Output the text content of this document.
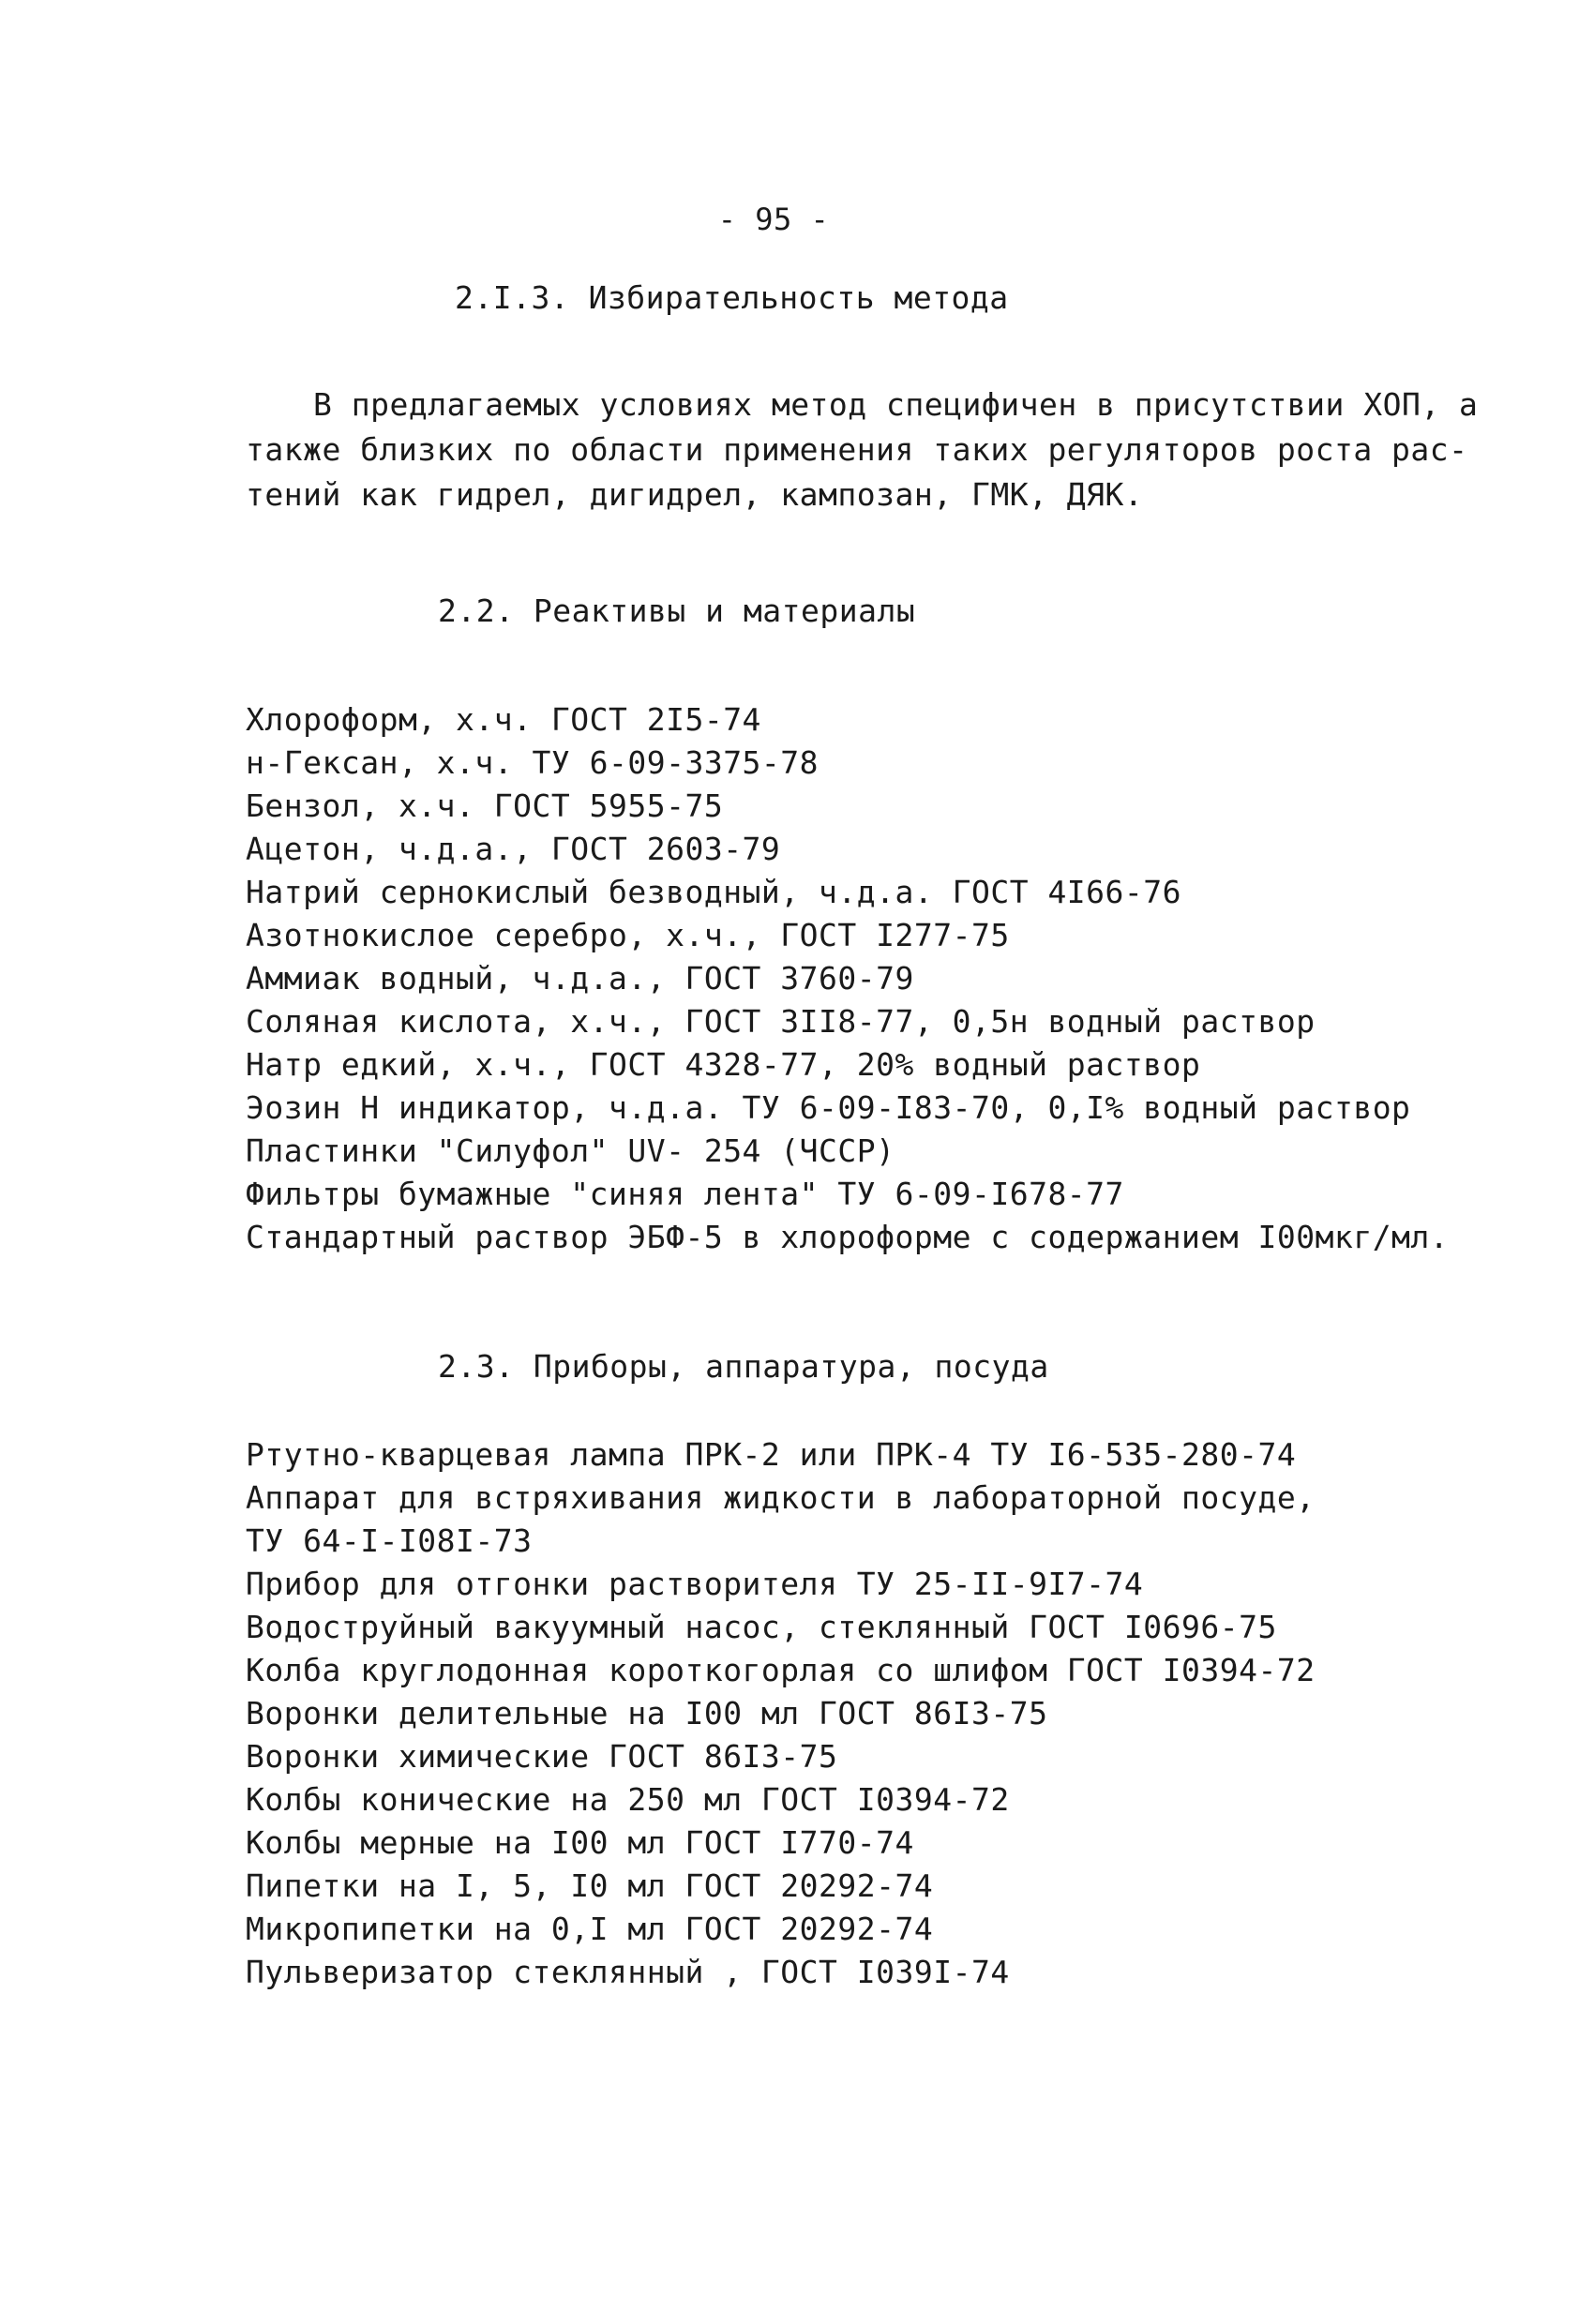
- 95 -
2.I.3. Избирательность метода
В предлагаемых условиях метод специфичен в присутствии ХОП, а
также близких по области применения таких регуляторов роста рас-
тений как гидрел, дигидрел, кампозан, ГМК, ДЯК.
2.2. Реактивы и материалы
Хлороформ, х.ч. ГОСТ 2I5-74
н-Гексан, х.ч. ТУ 6-09-3375-78
Бензол, х.ч. ГОСТ 5955-75
Ацетон, ч.д.а., ГОСТ 2603-79
Натрий сернокислый безводный, ч.д.а. ГОСТ 4I66-76
Азотнокислое серебро, х.ч., ГОСТ I277-75
Аммиак водный, ч.д.а., ГОСТ 3760-79
Соляная кислота, х.ч., ГОСТ 3II8-77, 0,5н водный раствор
Натр едкий, х.ч., ГОСТ 4328-77, 20% водный раствор
Эозин Н индикатор, ч.д.а. ТУ 6-09-I83-70, 0,I% водный раствор
Пластинки "Силуфол" UV- 254 (ЧССР)
Фильтры бумажные "синяя лента" ТУ 6-09-I678-77
Стандартный раствор ЭБФ-5 в хлороформе с содержанием I00мкг/мл.
2.3. Приборы, аппаратура, посуда
Ртутно-кварцевая лампа ПРК-2 или ПРК-4 ТУ I6-535-280-74
Аппарат для встряхивания жидкости в лабораторной посуде,
ТУ 64-I-I08I-73
Прибор для отгонки растворителя ТУ 25-II-9I7-74
Водоструйный вакуумный насос, стеклянный ГОСТ I0696-75
Колба круглодонная короткогорлая со шлифом ГОСТ I0394-72
Воронки делительные на I00 мл ГОСТ 86I3-75
Воронки химические ГОСТ 86I3-75
Колбы конические на 250 мл ГОСТ I0394-72
Колбы мерные на I00 мл ГОСТ I770-74
Пипетки на I, 5, I0 мл ГОСТ 20292-74
Микропипетки на 0,I мл ГОСТ 20292-74
Пульверизатор стеклянный , ГОСТ I039I-74
